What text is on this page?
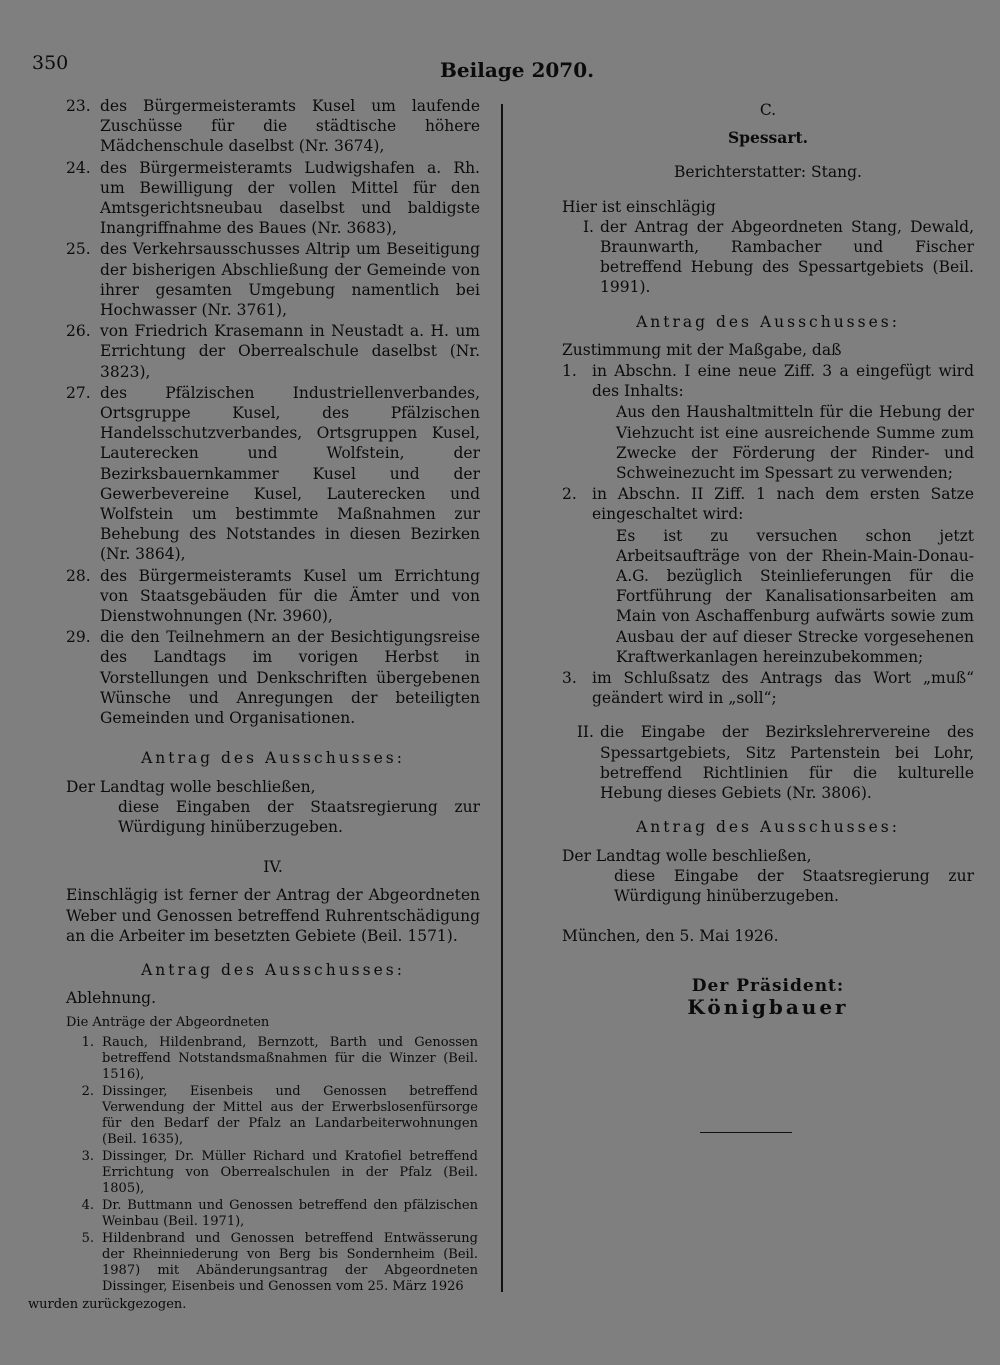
350	Beilage 2070.
23. des Bürgermeisteramts Kusel um laufende Zuschüsse für die städtische höhere Mädchenschule daselbst (Nr. 3674),
24. des Bürgermeisteramts Ludwigshafen a. Rh. um Bewilligung der vollen Mittel für den Amtsgerichtsneubau daselbst und baldigste Inangriffnahme des Baues (Nr. 3683),
25. des Verkehrsausschusses Altrip um Beseitigung der bisherigen Abschließung der Gemeinde von ihrer gesamten Umgebung namentlich bei Hochwasser (Nr. 3761),
26. von Friedrich Krasemann in Neustadt a. H. um Errichtung der Oberrealschule daselbst (Nr. 3823),
27. des Pfälzischen Industriellenverbandes, Ortsgruppe Kusel, des Pfälzischen Handelsschutzverbandes, Ortsgruppen Kusel, Lauterecken und Wolfstein, der Bezirksbauernkammer Kusel und der Gewerbevereine Kusel, Lauterecken und Wolfstein um bestimmte Maßnahmen zur Behebung des Notstandes in diesen Bezirken (Nr. 3864),
28. des Bürgermeisteramts Kusel um Errichtung von Staatsgebäuden für die Ämter und von Dienstwohnungen (Nr. 3960),
29. die den Teilnehmern an der Besichtigungsreise des Landtags im vorigen Herbst in Vorstellungen und Denkschriften übergebenen Wünsche und Anregungen der beteiligten Gemeinden und Organisationen.
Antrag des Ausschusses:
Der Landtag wolle beschließen,
diese Eingaben der Staatsregierung zur Würdigung hinüberzugeben.
IV.
Einschlägig ist ferner der Antrag der Abgeordneten Weber und Genossen betreffend Ruhrentschädigung an die Arbeiter im besetzten Gebiete (Beil. 1571).
Antrag des Ausschusses:
Ablehnung.
Die Anträge der Abgeordneten
1. Rauch, Hildenbrand, Bernzott, Barth und Genossen betreffend Notstandsmaßnahmen für die Winzer (Beil. 1516),
2. Dissinger, Eisenbeis und Genossen betreffend Verwendung der Mittel aus der Erwerbslosenfürsorge für den Bedarf der Pfalz an Landarbeiterwohnungen (Beil. 1635),
3. Dissinger, Dr. Müller Richard und Kratofiel betreffend Errichtung von Oberrealschulen in der Pfalz (Beil. 1805),
4. Dr. Buttmann und Genossen betreffend den pfälzischen Weinbau (Beil. 1971),
5. Hildenbrand und Genossen betreffend Entwässerung der Rheinniederung von Berg bis Sondernheim (Beil. 1987) mit Abänderungsantrag der Abgeordneten Dissinger, Eisenbeis und Genossen vom 25. März 1926
wurden zurückgezogen.
C.
Spessart.
Berichterstatter: Stang.
Hier ist einschlägig
I. der Antrag der Abgeordneten Stang, Dewald, Braunwarth, Rambacher und Fischer betreffend Hebung des Spessartgebiets (Beil. 1991).
Antrag des Ausschusses:
Zustimmung mit der Maßgabe, daß
1. in Abschn. I eine neue Ziff. 3 a eingefügt wird des Inhalts:
Aus den Haushaltmitteln für die Hebung der Viehzucht ist eine ausreichende Summe zum Zwecke der Förderung der Rinder- und Schweinezucht im Spessart zu verwenden;
2. in Abschn. II Ziff. 1 nach dem ersten Satze eingeschaltet wird:
Es ist zu versuchen schon jetzt Arbeitsaufträge von der Rhein-Main-Donau-A.G. bezüglich Steinlieferungen für die Fortführung der Kanalisationsarbeiten am Main von Aschaffenburg aufwärts sowie zum Ausbau der auf dieser Strecke vorgesehenen Kraftwerkanlagen hereinzubekommen;
3. im Schlußsatz des Antrags das Wort „muß“ geändert wird in „soll“;
II. die Eingabe der Bezirkslehrervereine des Spessartgebiets, Sitz Partenstein bei Lohr, betreffend Richtlinien für die kulturelle Hebung dieses Gebiets (Nr. 3806).
Antrag des Ausschusses:
Der Landtag wolle beschließen,
diese Eingabe der Staatsregierung zur Würdigung hinüberzugeben.
München, den 5. Mai 1926.
Der Präsident:
Königbauer
